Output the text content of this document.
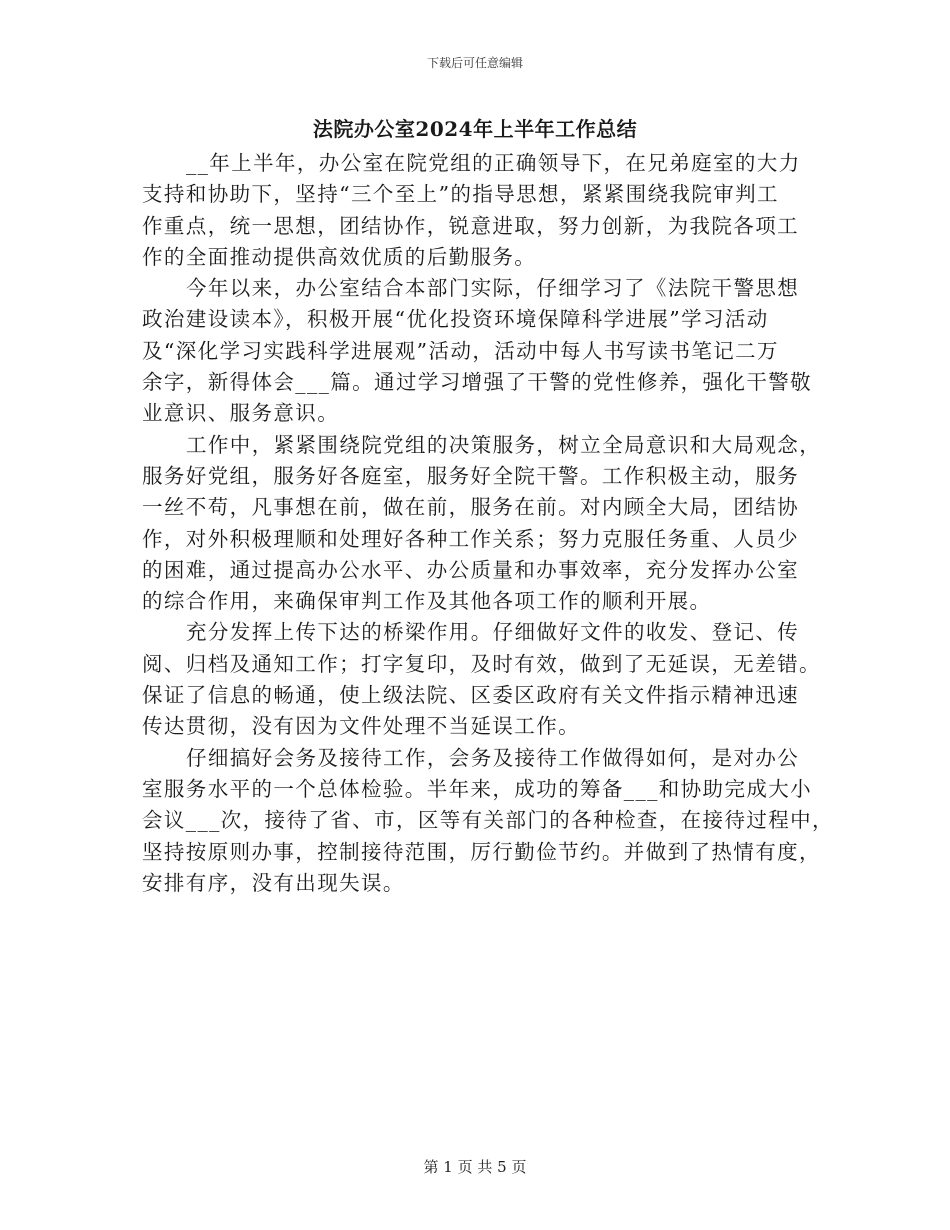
下载后可任意编辑
法院办公室2024年上半年工作总结
__年上半年，办公室在院党组的正确领导下，在兄弟庭室的大力
支持和协助下，坚持“三个至上”的指导思想，紧紧围绕我院审判工
作重点，统一思想，团结协作，锐意进取，努力创新，为我院各项工
作的全面推动提供高效优质的后勤服务。
今年以来，办公室结合本部门实际，仔细学习了《法院干警思想
政治建设读本》，积极开展“优化投资环境保障科学进展”学习活动
及“深化学习实践科学进展观”活动，活动中每人书写读书笔记二万
余字，新得体会___篇。通过学习增强了干警的党性修养，强化干警敬
业意识、服务意识。
工作中，紧紧围绕院党组的决策服务，树立全局意识和大局观念，
服务好党组，服务好各庭室，服务好全院干警。工作积极主动，服务
一丝不苟，凡事想在前，做在前，服务在前。对内顾全大局，团结协
作，对外积极理顺和处理好各种工作关系；努力克服任务重、人员少
的困难，通过提高办公水平、办公质量和办事效率，充分发挥办公室
的综合作用，来确保审判工作及其他各项工作的顺利开展。
充分发挥上传下达的桥梁作用。仔细做好文件的收发、登记、传
阅、归档及通知工作；打字复印，及时有效，做到了无延误，无差错。
保证了信息的畅通，使上级法院、区委区政府有关文件指示精神迅速
传达贯彻，没有因为文件处理不当延误工作。
仔细搞好会务及接待工作，会务及接待工作做得如何，是对办公
室服务水平的一个总体检验。半年来，成功的筹备___和协助完成大小
会议___次，接待了省、市，区等有关部门的各种检查，在接待过程中，
坚持按原则办事，控制接待范围，厉行勤俭节约。并做到了热情有度，
安排有序，没有出现失误。
第 1 页 共 5 页
